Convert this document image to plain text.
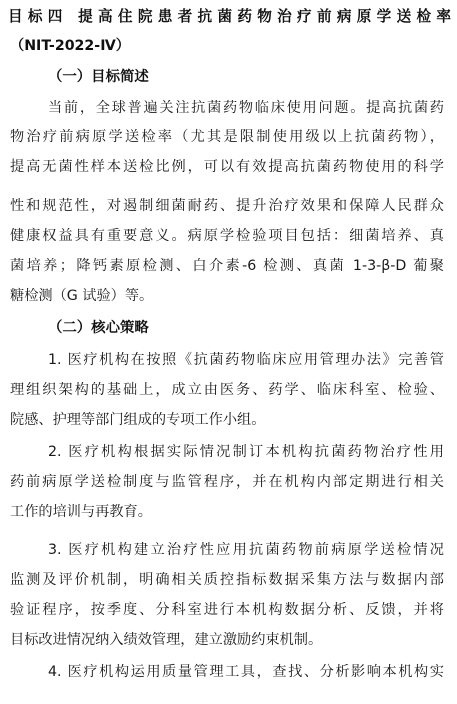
目标四 提高住院患者抗菌药物治疗前病原学送检率
（NIT-2022-Ⅳ）
（一）目标简述
当前，全球普遍关注抗菌药物临床使用问题。提高抗菌药
物治疗前病原学送检率（尤其是限制使用级以上抗菌药物），
提高无菌性样本送检比例，可以有效提高抗菌药物使用的科学
性和规范性，对遏制细菌耐药、提升治疗效果和保障人民群众
健康权益具有重要意义。病原学检验项目包括：细菌培养、真
菌培养；降钙素原检测、白介素-6 检测、真菌 1-3-β-D 葡聚
糖检测（G 试验）等。
（二）核心策略
1. 医疗机构在按照《抗菌药物临床应用管理办法》完善管
理组织架构的基础上，成立由医务、药学、临床科室、检验、
院感、护理等部门组成的专项工作小组。
2. 医疗机构根据实际情况制订本机构抗菌药物治疗性用
药前病原学送检制度与监管程序，并在机构内部定期进行相关
工作的培训与再教育。
3. 医疗机构建立治疗性应用抗菌药物前病原学送检情况
监测及评价机制，明确相关质控指标数据采集方法与数据内部
验证程序，按季度、分科室进行本机构数据分析、反馈，并将
目标改进情况纳入绩效管理，建立激励约束机制。
4. 医疗机构运用质量管理工具，查找、分析影响本机构实
